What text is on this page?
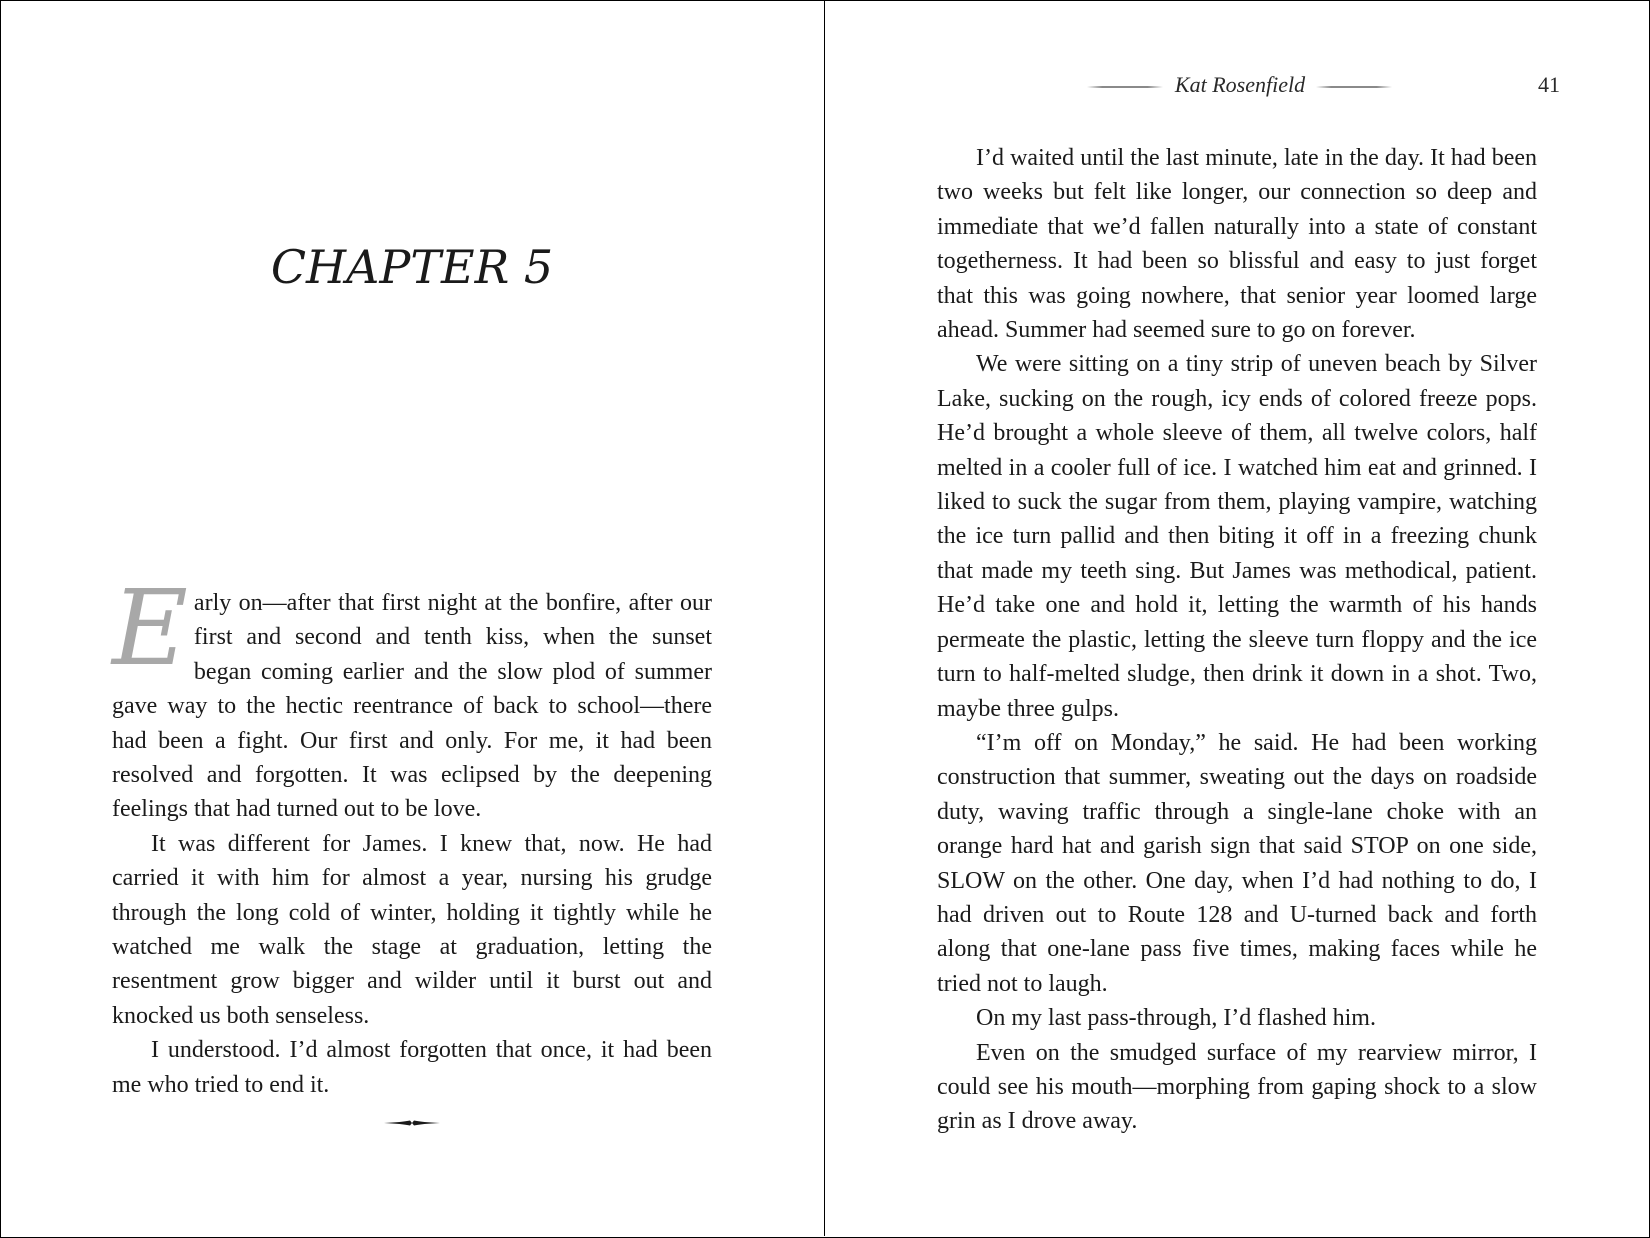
CHAPTER 5

Early on—after that first night at the bonfire, after our first and second and tenth kiss, when the sunset began coming earlier and the slow plod of summer gave way to the hectic reentrance of back to school—there had been a fight. Our first and only. For me, it had been resolved and forgotten. It was eclipsed by the deepening feelings that had turned out to be love.

It was different for James. I knew that, now. He had carried it with him for almost a year, nursing his grudge through the long cold of winter, holding it tightly while he watched me walk the stage at graduation, letting the resentment grow bigger and wilder until it burst out and knocked us both senseless.

I understood. I’d almost forgotten that once, it had been me who tried to end it.

Kat Rosenfield	41

I’d waited until the last minute, late in the day. It had been two weeks but felt like longer, our connection so deep and immediate that we’d fallen naturally into a state of constant togetherness. It had been so blissful and easy to just forget that this was going nowhere, that senior year loomed large ahead. Summer had seemed sure to go on forever.

We were sitting on a tiny strip of uneven beach by Silver Lake, sucking on the rough, icy ends of colored freeze pops. He’d brought a whole sleeve of them, all twelve colors, half melted in a cooler full of ice. I watched him eat and grinned. I liked to suck the sugar from them, playing vampire, watching the ice turn pallid and then biting it off in a freezing chunk that made my teeth sing. But James was methodical, patient. He’d take one and hold it, letting the warmth of his hands permeate the plastic, letting the sleeve turn floppy and the ice turn to half-melted sludge, then drink it down in a shot. Two, maybe three gulps.

“I’m off on Monday,” he said. He had been working construction that summer, sweating out the days on roadside duty, waving traffic through a single-lane choke with an orange hard hat and garish sign that said STOP on one side, SLOW on the other. One day, when I’d had nothing to do, I had driven out to Route 128 and U-turned back and forth along that one-lane pass five times, making faces while he tried not to laugh.

On my last pass-through, I’d flashed him.

Even on the smudged surface of my rearview mirror, I could see his mouth—morphing from gaping shock to a slow grin as I drove away.
